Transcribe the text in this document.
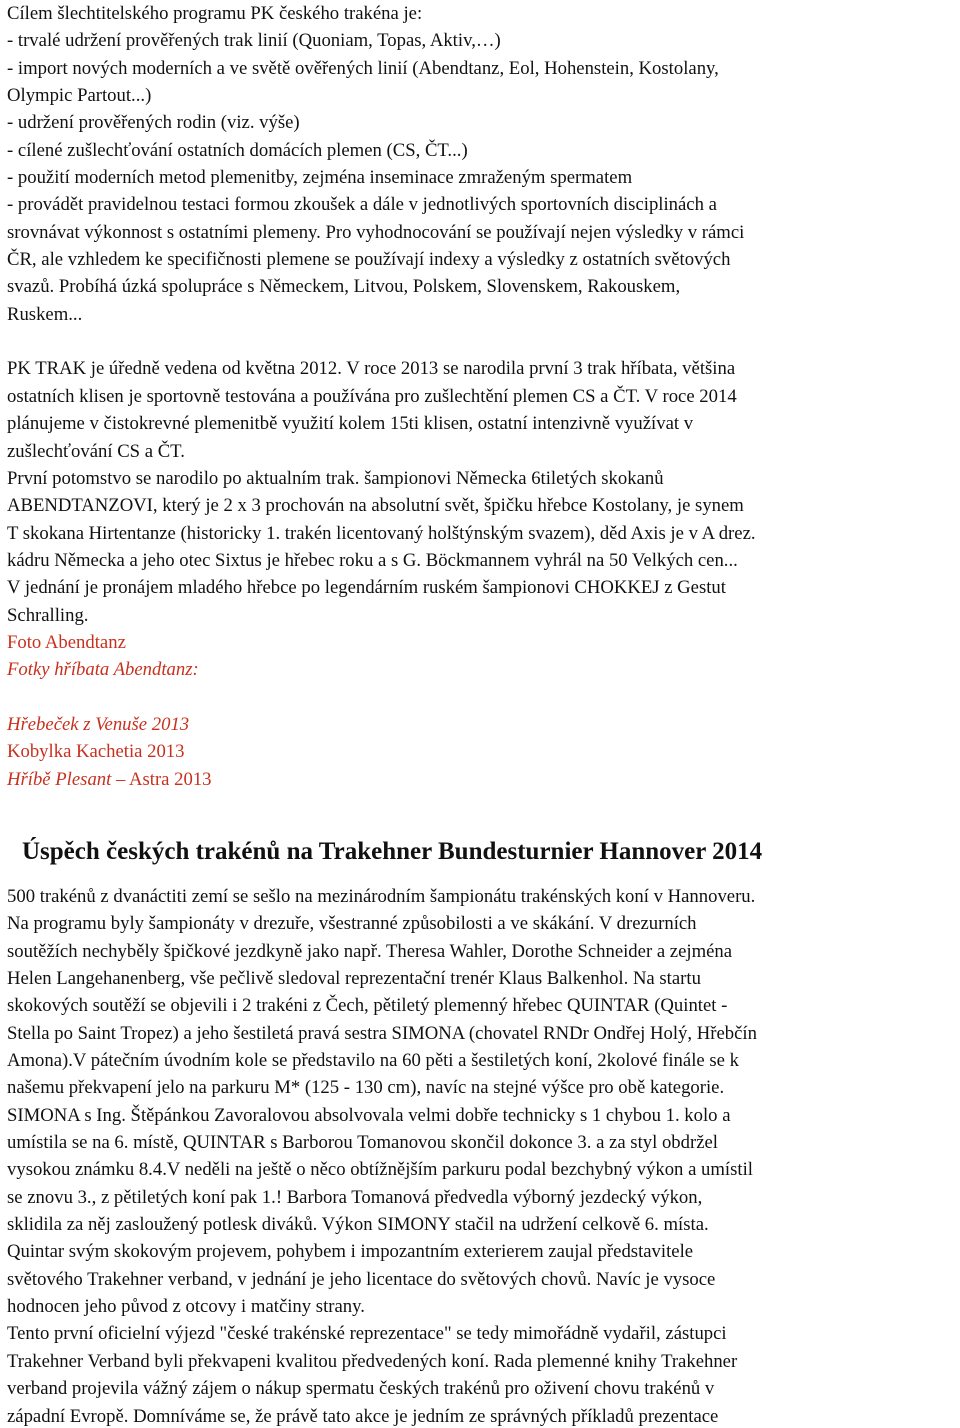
Cílem šlechtitelského programu PK českého trakéna je:
- trvalé udržení prověřených trak linií (Quoniam, Topas, Aktiv,…)
- import nových moderních a ve světě ověřených linií (Abendtanz, Eol, Hohenstein, Kostolany,
Olympic Partout...)
- udržení prověřených rodin (viz. výše)
- cílené zušlechťování ostatních domácích plemen (CS, ČT...)
- použití moderních metod plemenitby, zejména inseminace zmraženým spermatem
- provádět pravidelnou testaci formou zkoušek a dále v jednotlivých sportovních disciplinách a
srovnávat výkonnost s ostatními plemeny. Pro vyhodnocování se používají nejen výsledky v rámci
ČR, ale vzhledem ke specifičnosti plemene se používají indexy a výsledky z ostatních světových
svazů. Probíhá úzká spolupráce s Německem, Litvou, Polskem, Slovenskem, Rakouskem,
Ruskem...
PK TRAK je úředně vedena od května 2012. V roce 2013 se narodila první 3 trak hříbata, většina
ostatních klisen je sportovně testována a používána pro zušlechtění plemen CS a ČT. V roce 2014
plánujeme v čistokrevné plemenitbě využití kolem 15ti klisen, ostatní intenzivně využívat v
zušlechťování CS a ČT.
První potomstvo se narodilo po aktualním trak. šampionovi Německa 6tiletých skokanů
ABENDTANZOVI, který je 2 x 3 prochován na absolutní svět, špičku hřebce Kostolany, je synem
T skokana Hirtentanze (historicky 1. trakén licentovaný holštýnským svazem), děd Axis je v A drez.
kádru Německa a jeho otec Sixtus je hřebec roku a s G. Böckmannem vyhrál na 50 Velkých cen...
V jednání je pronájem mladého hřebce po legendárním ruském šampionovi CHOKKEJ z Gestut
Schralling.
Foto Abendtanz
Fotky hříbata Abendtanz:
Hřebeček z Venuše 2013
Kobylka Kachetia 2013
Hříbě Plesant – Astra 2013
Úspěch českých trakénů na Trakehner Bundesturnier Hannover 2014
500 trakénů z dvanáctiti zemí se sešlo na mezinárodním šampionátu trakénských koní v Hannoveru.
Na programu byly šampionáty v drezuře, všestranné způsobilosti a ve skákání. V drezurních
soutěžích nechyběly špičkové jezdkyně jako např. Theresa Wahler, Dorothe Schneider a zejména
Helen Langehanenberg, vše pečlivě sledoval reprezentační trenér Klaus Balkenhol. Na startu
skokových soutěží se objevili i 2 trakéni z Čech, pětiletý plemenný hřebec QUINTAR (Quintet -
Stella po Saint Tropez) a jeho šestiletá pravá sestra SIMONA (chovatel RNDr Ondřej Holý, Hřebčín
Amona).V pátečním úvodním kole se představilo na 60 pěti a šestiletých koní, 2kolové finále se k
našemu překvapení jelo na parkuru M* (125 - 130 cm), navíc na stejné výšce pro obě kategorie.
SIMONA s Ing. Štěpánkou Zavoralovou absolvovala velmi dobře technicky s 1 chybou 1. kolo a
umístila se na 6. místě, QUINTAR s Barborou Tomanovou skončil dokonce 3. a za styl obdržel
vysokou známku 8.4.V neděli na ještě o něco obtížnějším parkuru podal bezchybný výkon a umístil
se znovu 3., z pětiletých koní pak 1.! Barbora Tomanová předvedla výborný jezdecký výkon,
sklidila za něj zasloužený potlesk diváků. Výkon SIMONY stačil na udržení celkově 6. místa.
Quintar svým skokovým projevem, pohybem i impozantním exterierem zaujal představitele
světového Trakehner verband, v jednání je jeho licentace do světových chovů. Navíc je vysoce
hodnocen jeho původ z otcovy i matčiny strany.
Tento první oficielní výjezd "české trakénské reprezentace" se tedy mimořádně vydařil, zástupci
Trakehner Verband byli překvapeni kvalitou předvedených koní. Rada plemenné knihy Trakehner
verband projevila vážný zájem o nákup spermatu českých trakénů pro oživení chovu trakénů v
západní Evropě. Domníváme se, že právě tato akce je jedním ze správných příkladů prezentace
